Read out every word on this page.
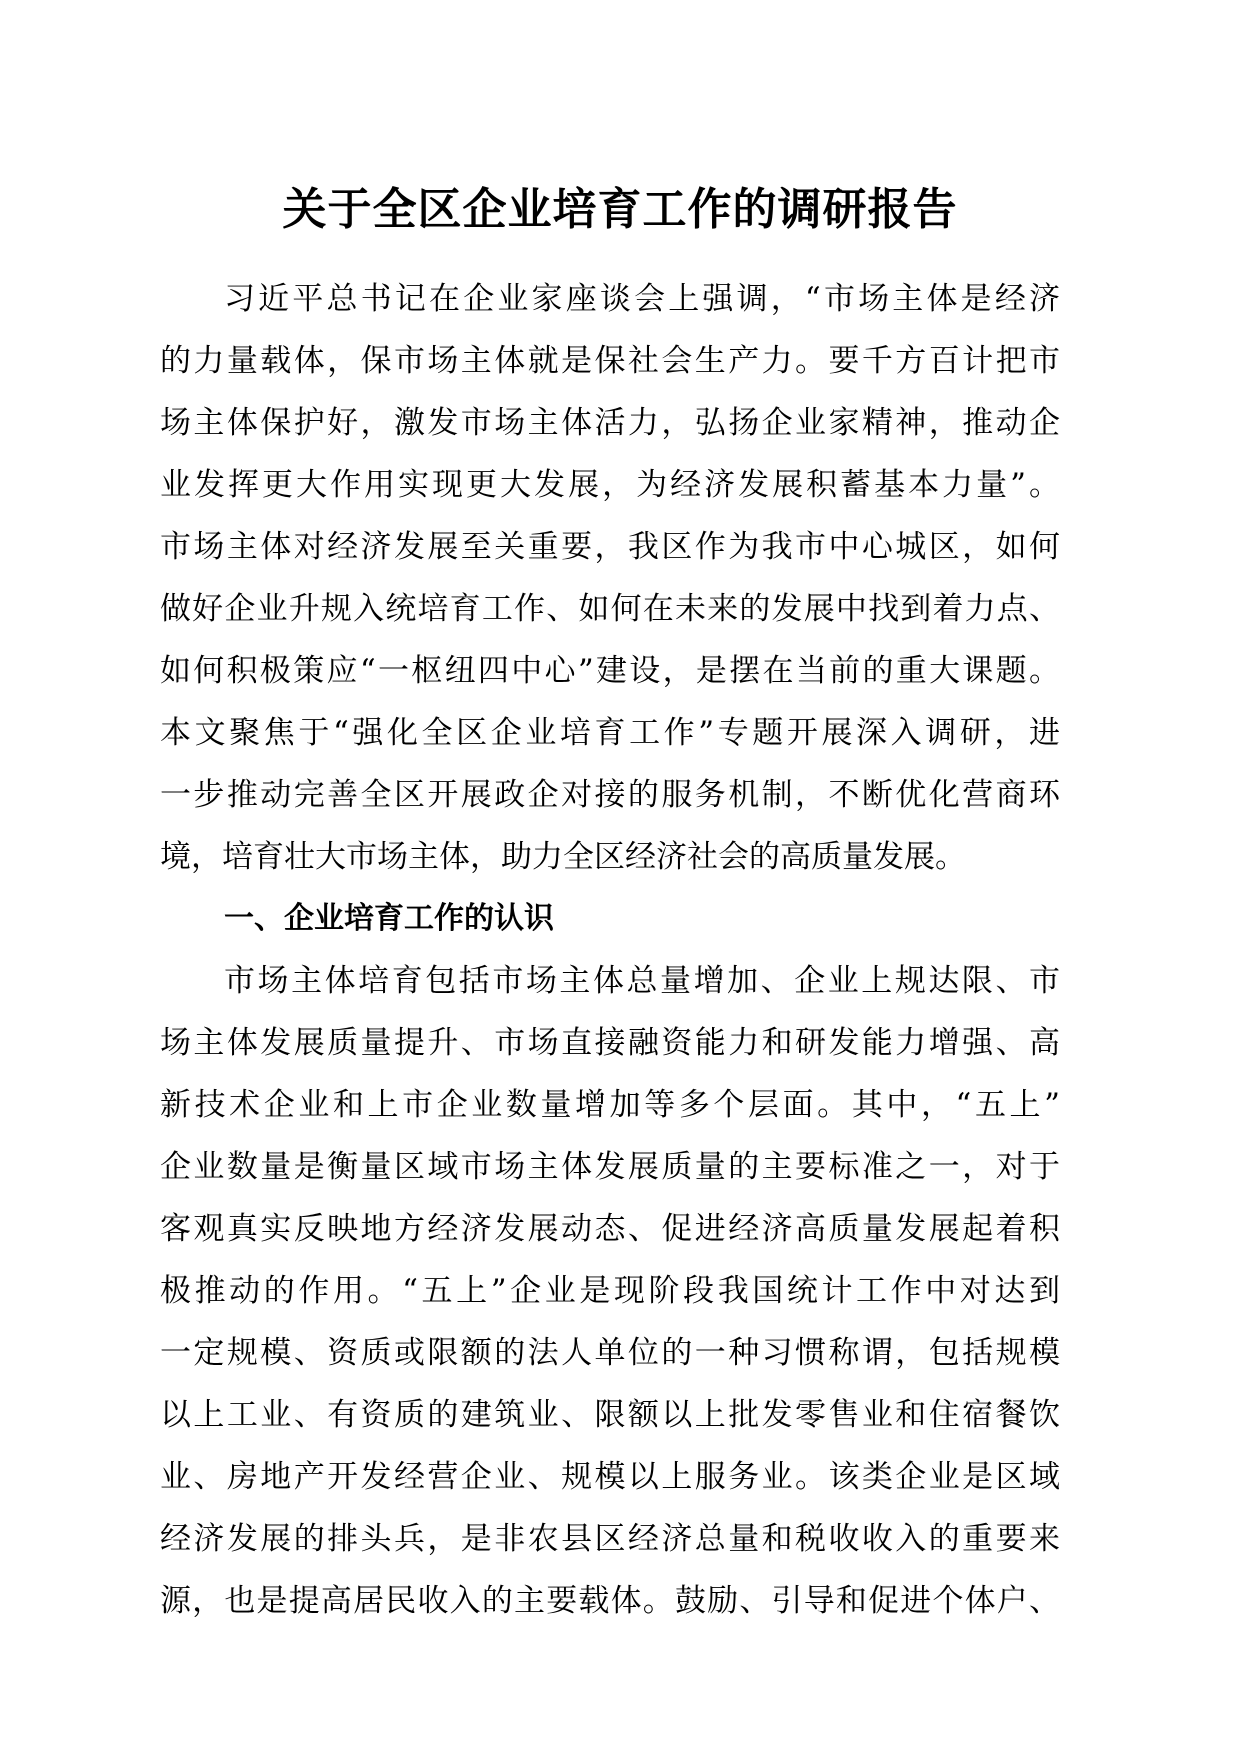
关于全区企业培育工作的调研报告
习近平总书记在企业家座谈会上强调，“市场主体是经济
的力量载体，保市场主体就是保社会生产力。要千方百计把市
场主体保护好，激发市场主体活力，弘扬企业家精神，推动企
业发挥更大作用实现更大发展，为经济发展积蓄基本力量”。
市场主体对经济发展至关重要，我区作为我市中心城区，如何
做好企业升规入统培育工作、如何在未来的发展中找到着力点、
如何积极策应“一枢纽四中心”建设，是摆在当前的重大课题。
本文聚焦于“强化全区企业培育工作”专题开展深入调研，进
一步推动完善全区开展政企对接的服务机制，不断优化营商环
境，培育壮大市场主体，助力全区经济社会的高质量发展。
一、企业培育工作的认识
市场主体培育包括市场主体总量增加、企业上规达限、市
场主体发展质量提升、市场直接融资能力和研发能力增强、高
新技术企业和上市企业数量增加等多个层面。其中，“五上”
企业数量是衡量区域市场主体发展质量的主要标准之一，对于
客观真实反映地方经济发展动态、促进经济高质量发展起着积
极推动的作用。“五上”企业是现阶段我国统计工作中对达到
一定规模、资质或限额的法人单位的一种习惯称谓，包括规模
以上工业、有资质的建筑业、限额以上批发零售业和住宿餐饮
业、房地产开发经营企业、规模以上服务业。该类企业是区域
经济发展的排头兵，是非农县区经济总量和税收收入的重要来
源，也是提高居民收入的主要载体。鼓励、引导和促进个体户、
